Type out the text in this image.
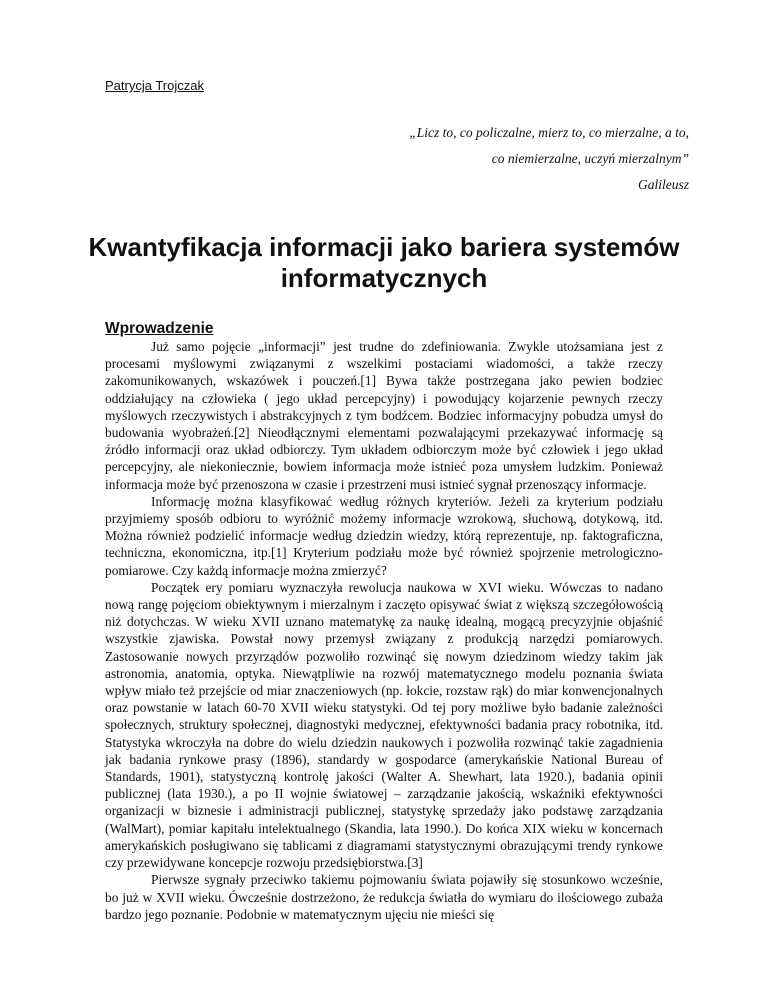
Patrycja Trojczak

„Licz to, co policzalne, mierz to, co mierzalne, a to,
co niemierzalne, uczyń mierzalnym”
Galileusz
Kwantyfikacja informacji jako bariera systemów informatycznych
Wprowadzenie

Już samo pojęcie „informacji” jest trudne do zdefiniowania. Zwykle utożsamiana jest z procesami myślowymi związanymi z wszelkimi postaciami wiadomości, a także rzeczy zakomunikowanych, wskazówek i pouczeń.[1] Bywa także postrzegana jako pewien bodziec oddziałujący na człowieka ( jego układ percepcyjny) i powodujący kojarzenie pewnych rzeczy myślowych rzeczywistych i abstrakcyjnych z tym bodźcem. Bodziec informacyjny pobudza umysł do budowania wyobrażeń.[2] Nieodłącznymi elementami pozwalającymi przekazywać informację są źródło informacji oraz układ odbiorczy. Tym układem odbiorczym może być człowiek i jego układ percepcyjny, ale niekoniecznie, bowiem informacja może istnieć poza umysłem ludzkim. Ponieważ informacja może być przenoszona w czasie i przestrzeni musi istnieć sygnał przenoszący informacje.

Informację można klasyfikować według różnych kryteriów. Jeżeli za kryterium podziału przyjmiemy sposób odbioru to wyróżnić możemy informacje wzrokową, słuchową, dotykową, itd. Można również podzielić informacje według dziedzin wiedzy, którą reprezentuje, np. faktograficzna, techniczna, ekonomiczna, itp.[1] Kryterium podziału może być również spojrzenie metrologiczno-pomiarowe. Czy każdą informacje można zmierzyć?

Początek ery pomiaru wyznaczyła rewolucja naukowa w XVI wieku. Wówczas to nadano nową rangę pojęciom obiektywnym i mierzalnym i zaczęto opisywać świat z większą szczegółowością niż dotychczas. W wieku XVII uznano matematykę za naukę idealną, mogącą precyzyjnie objaśnić wszystkie zjawiska. Powstał nowy przemysł związany z produkcją narzędzi pomiarowych. Zastosowanie nowych przyrządów pozwoliło rozwinąć się nowym dziedzinom wiedzy takim jak astronomia, anatomia, optyka. Niewątpliwie na rozwój matematycznego modelu poznania świata wpływ miało też przejście od miar znaczeniowych (np. łokcie, rozstaw rąk) do miar konwencjonalnych oraz powstanie w latach 60-70 XVII wieku statystyki. Od tej pory możliwe było badanie zależności społecznych, struktury społecznej, diagnostyki medycznej, efektywności badania pracy robotnika, itd. Statystyka wkroczyła na dobre do wielu dziedzin naukowych i pozwoliła rozwinąć takie zagadnienia jak badania rynkowe prasy (1896), standardy w gospodarce (amerykańskie National Bureau of Standards, 1901), statystyczną kontrolę jakości (Walter A. Shewhart, lata 1920.), badania opinii publicznej (lata 1930.), a po II wojnie światowej – zarządzanie jakością, wskaźniki efektywności organizacji w biznesie i administracji publicznej, statystykę sprzedaży jako podstawę zarządzania (WalMart), pomiar kapitału intelektualnego (Skandia, lata 1990.). Do końca XIX wieku w koncernach amerykańskich posługiwano się tablicami z diagramami statystycznymi obrazującymi trendy rynkowe czy przewidywane koncepcje rozwoju przedsiębiorstwa.[3]

Pierwsze sygnały przeciwko takiemu pojmowaniu świata pojawiły się stosunkowo wcześnie, bo już w XVII wieku. Ówcześnie dostrzeżono, że redukcja światła do wymiaru do ilościowego zubaża bardzo jego poznanie. Podobnie w matematycznym ujęciu nie mieści się
